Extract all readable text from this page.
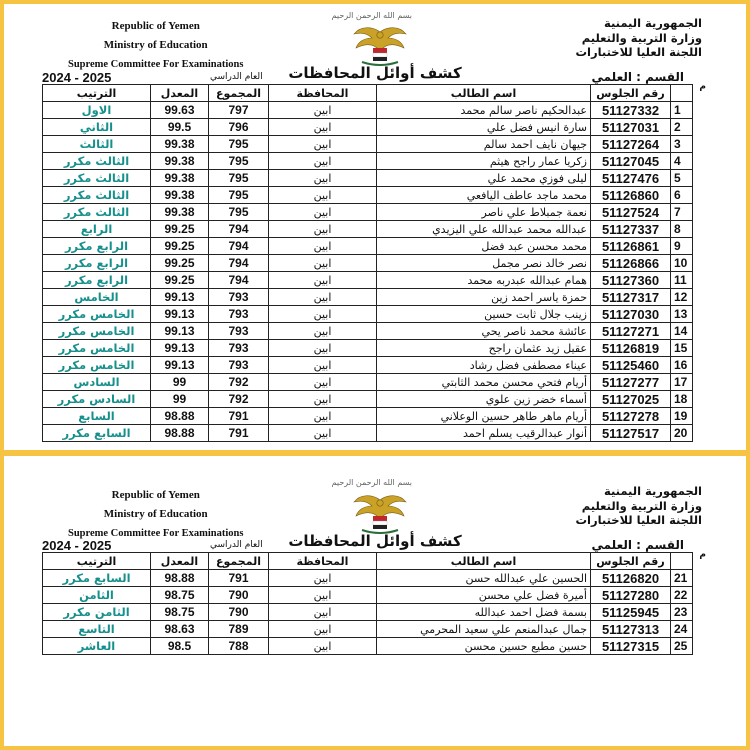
الجمهورية اليمنية
وزارة التربية والتعليم
اللجنة العليا للاختبارات
Republic of Yemen
Ministry of Education
Supreme Committee For Examinations
بسم الله الرحمن الرحيم
كشف أوائل المحافظات	القسم : العلمي
العام الدراسي
2024 - 2025
م
الترتيب	المعدل	المجموع	المحافظة	اسم الطالب	رقم الجلوس	
الاول	99.63	797	ابين	عبدالحكيم ناصر سالم محمد	51127332	1
الثاني	99.5	796	ابين	سارة انيس فضل علي	51127031	2
الثالث	99.38	795	ابين	جيهان نايف احمد سالم	51127264	3
الثالث مكرر	99.38	795	ابين	زكريا عمار راجح هيثم	51127045	4
الثالث مكرر	99.38	795	ابين	ليلى فوزي محمد علي	51127476	5
الثالث مكرر	99.38	795	ابين	محمد ماجد عاطف اليافعي	51126860	6
الثالث مكرر	99.38	795	ابين	نعمة جمبلاط علي ناصر	51127524	7
الرابع	99.25	794	ابين	عبدالله محمد عبدالله علي اليزيدي	51127337	8
الرابع مكرر	99.25	794	ابين	محمد محسن عبد فضل	51126861	9
الرابع مكرر	99.25	794	ابين	نصر خالد نصر مجمل	51126866	10
الرابع مكرر	99.25	794	ابين	همام عبدالله عبدربه محمد	51127360	11
الخامس	99.13	793	ابين	حمزة ياسر احمد زين	51127317	12
الخامس مكرر	99.13	793	ابين	زينب جلال ثابت حسين	51127030	13
الخامس مكرر	99.13	793	ابين	عائشة محمد ناصر يحي	51127271	14
الخامس مكرر	99.13	793	ابين	عقيل زيد عثمان راجح	51126819	15
الخامس مكرر	99.13	793	ابين	عيناء مصطفى فضل رشاد	51125460	16
السادس	99	792	ابين	أريام فتحي محسن محمد الثابتي	51127277	17
السادس مكرر	99	792	ابين	أسماء خضر زين علوي	51127025	18
السابع	98.88	791	ابين	أريام ماهر طاهر حسين الوعلاني	51127278	19
السابع مكرر	98.88	791	ابين	أنوار عبدالرقيب يسلم احمد	51127517	20
الجمهورية اليمنية
وزارة التربية والتعليم
اللجنة العليا للاختبارات
Republic of Yemen
Ministry of Education
Supreme Committee For Examinations
بسم الله الرحمن الرحيم
كشف أوائل المحافظات	القسم : العلمي
العام الدراسي
2024 - 2025
م
الترتيب	المعدل	المجموع	المحافظة	اسم الطالب	رقم الجلوس	
السابع مكرر	98.88	791	ابين	الحسين علي عبدالله حسن	51126820	21
الثامن	98.75	790	ابين	أميرة فضل علي محسن	51127280	22
الثامن مكرر	98.75	790	ابين	بسمة فضل احمد عبدالله	51125945	23
التاسع	98.63	789	ابين	جمال عبدالمنعم علي سعيد المحرمي	51127313	24
العاشر	98.5	788	ابين	حسين مطيع حسين محسن	51127315	25
